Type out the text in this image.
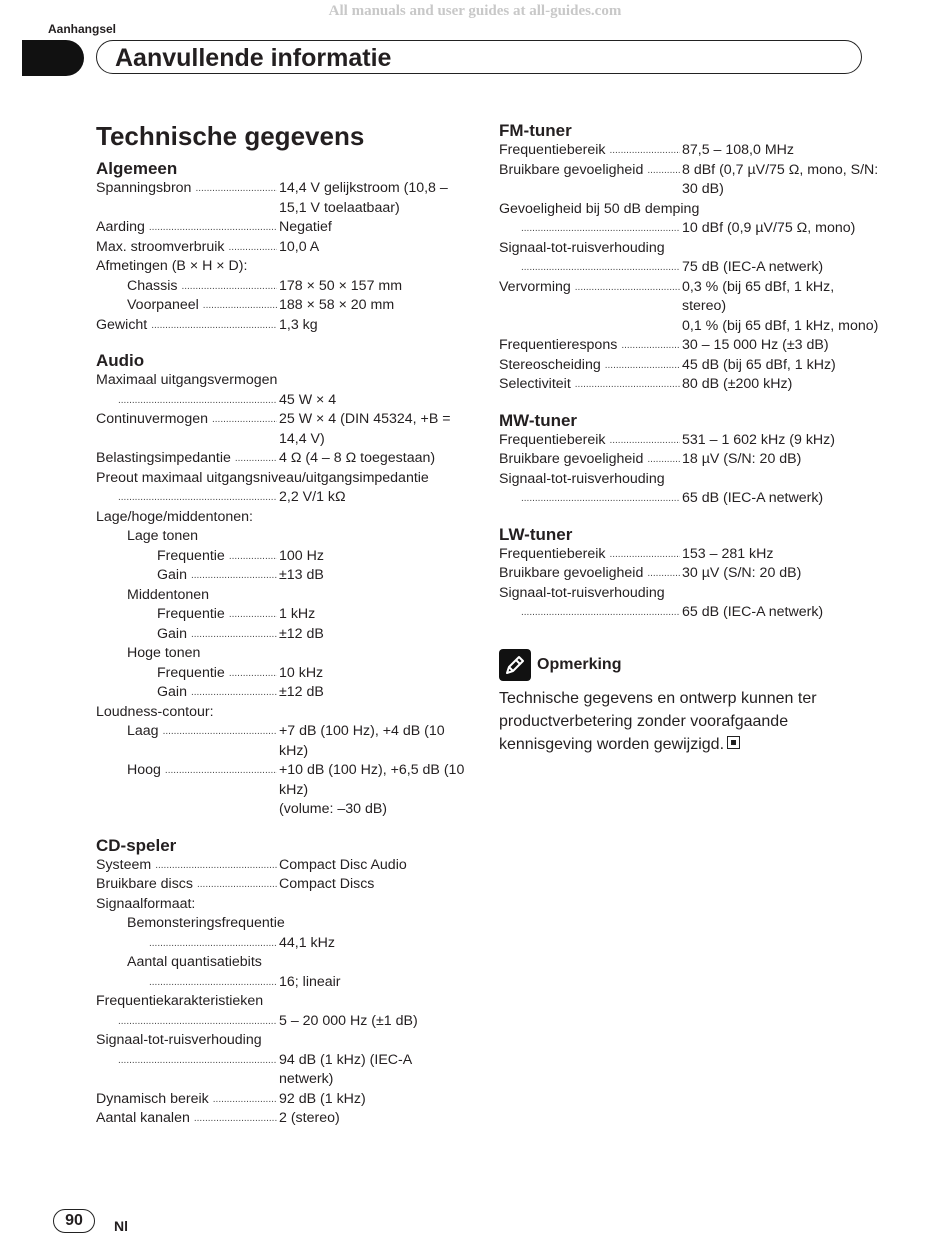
All manuals and user guides at all-guides.com
Aanhangsel
Aanvullende informatie
Technische gegevens
Algemeen
Spanningsbron .....	14,4 V gelijkstroom (10,8 – 15,1 V toelaatbaar)
Aarding .....	Negatief
Max. stroomverbruik .....	10,0 A
Afmetingen (B × H × D):
Chassis .....	178 × 50 × 157 mm
Voorpaneel .....	188 × 58 × 20 mm
Gewicht .....	1,3 kg
Audio
Maximaal uitgangsvermogen
.....
45 W × 4
Continuvermogen .....	25 W × 4 (DIN 45324, +B = 14,4 V)
Belastingsimpedantie .....	4 Ω (4 – 8 Ω toegestaan)
Preout maximaal uitgangsniveau/uitgangsimpedantie
.....
2,2 V/1 kΩ
Lage/hoge/middentonen:
Lage tonen
Frequentie .....	100 Hz
Gain .....	±13 dB
Middentonen
Frequentie .....	1 kHz
Gain .....	±12 dB
Hoge tonen
Frequentie .....	10 kHz
Gain .....	±12 dB
Loudness-contour:
Laag .....	+7 dB (100 Hz), +4 dB (10 kHz)
Hoog .....	+10 dB (100 Hz), +6,5 dB (10 kHz)
(volume: –30 dB)
CD-speler
Systeem .....	Compact Disc Audio
Bruikbare discs .....	Compact Discs
Signaalformaat:
Bemonsteringsfrequentie
.....
44,1 kHz
Aantal quantisatiebits
.....
16; lineair
Frequentiekarakteristieken
.....
5 – 20 000 Hz (±1 dB)
Signaal-tot-ruisverhouding
.....
94 dB (1 kHz) (IEC-A netwerk)
Dynamisch bereik .....	92 dB (1 kHz)
Aantal kanalen .....	2 (stereo)
FM-tuner
Frequentiebereik .....	87,5 – 108,0 MHz
Bruikbare gevoeligheid .....	8 dBf (0,7 µV/75 Ω, mono, S/N: 30 dB)
Gevoeligheid bij 50 dB demping
.....
10 dBf (0,9 µV/75 Ω, mono)
Signaal-tot-ruisverhouding
.....
75 dB (IEC-A netwerk)
Vervorming .....	0,3 % (bij 65 dBf, 1 kHz, stereo)
0,1 % (bij 65 dBf, 1 kHz, mono)
Frequentierespons .....	30 – 15 000 Hz (±3 dB)
Stereoscheiding .....	45 dB (bij 65 dBf, 1 kHz)
Selectiviteit .....	80 dB (±200 kHz)
MW-tuner
Frequentiebereik .....	531 – 1 602 kHz (9 kHz)
Bruikbare gevoeligheid .....	18 µV (S/N: 20 dB)
Signaal-tot-ruisverhouding
.....
65 dB (IEC-A netwerk)
LW-tuner
Frequentiebereik .....	153 – 281 kHz
Bruikbare gevoeligheid .....	30 µV (S/N: 20 dB)
Signaal-tot-ruisverhouding
.....
65 dB (IEC-A netwerk)
Opmerking
Technische gegevens en ontwerp kunnen ter productverbetering zonder voorafgaande kennisgeving worden gewijzigd.
90	Nl
